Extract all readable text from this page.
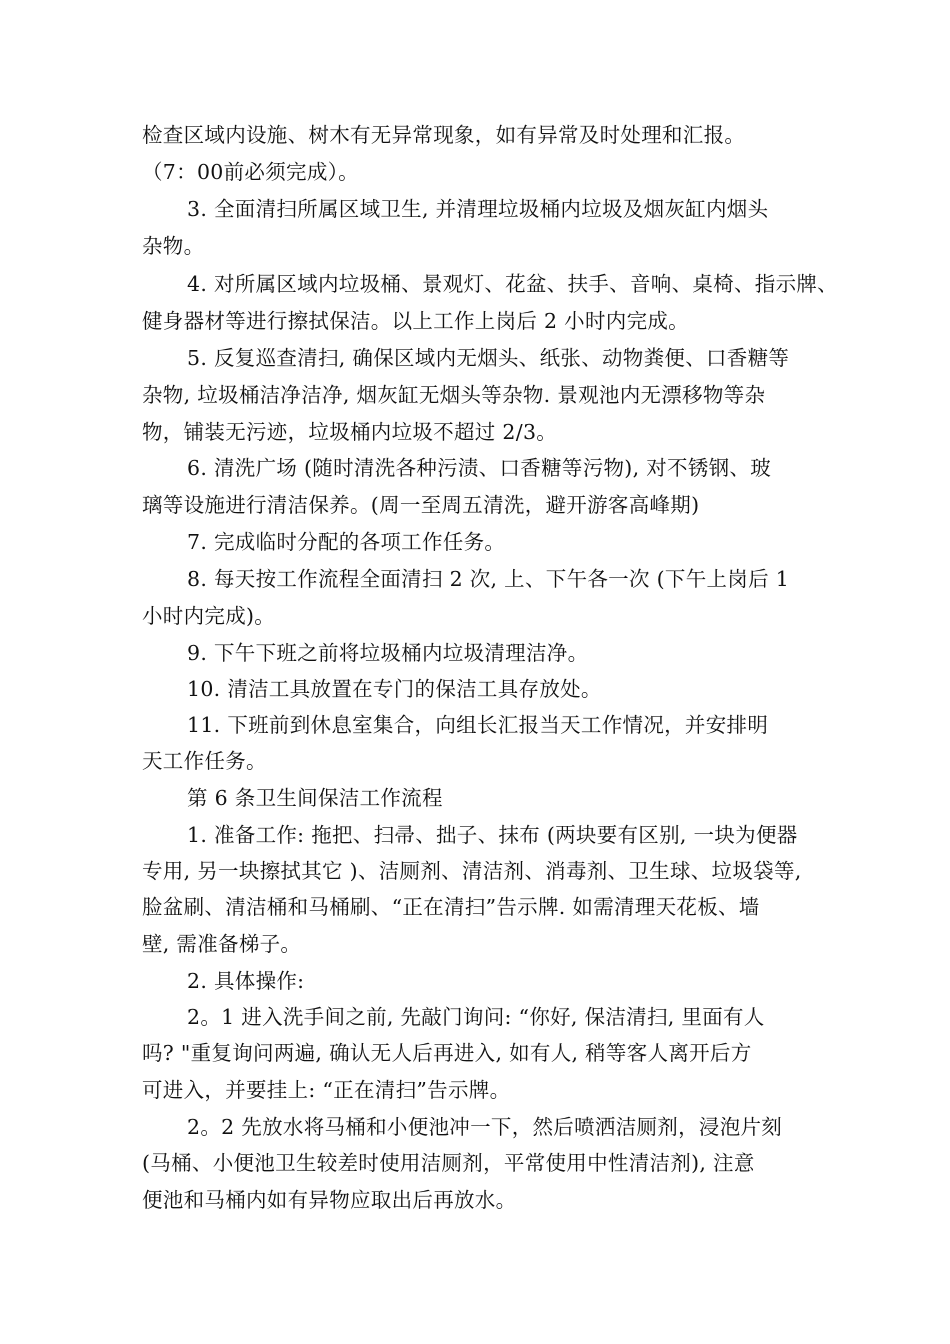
检查区域内设施、树木有无异常现象，如有异常及时处理和汇报。
（7：00前必须完成）。
3. 全面清扫所属区域卫生, 并清理垃圾桶内垃圾及烟灰缸内烟头
杂物。
4. 对所属区域内垃圾桶、景观灯、花盆、扶手、音响、桌椅、指示牌、
健身器材等进行擦拭保洁。以上工作上岗后 2 小时内完成。
5. 反复巡查清扫, 确保区域内无烟头、纸张、动物粪便、口香糖等
杂物, 垃圾桶洁净洁净, 烟灰缸无烟头等杂物. 景观池内无漂移物等杂
物，铺装无污迹，垃圾桶内垃圾不超过 2/3。
6. 清洗广场 (随时清洗各种污渍、口香糖等污物), 对不锈钢、玻
璃等设施进行清洁保养。(周一至周五清洗，避开游客高峰期)
7. 完成临时分配的各项工作任务。
8. 每天按工作流程全面清扫 2 次, 上、下午各一次 (下午上岗后 1
小时内完成)。
9. 下午下班之前将垃圾桶内垃圾清理洁净。
10. 清洁工具放置在专门的保洁工具存放处。
11. 下班前到休息室集合，向组长汇报当天工作情况，并安排明
天工作任务。
第 6 条卫生间保洁工作流程
1. 准备工作: 拖把、扫帚、拙子、抹布 (两块要有区别, 一块为便器
专用, 另一块擦拭其它 )、洁厕剂、清洁剂、消毒剂、卫生球、垃圾袋等,
脸盆刷、清洁桶和马桶刷、“正在清扫”告示牌. 如需清理天花板、墙
壁, 需准备梯子。
2. 具体操作:
2。1 进入洗手间之前, 先敲门询问: “你好, 保洁清扫, 里面有人
吗? "重复询问两遍, 确认无人后再进入, 如有人, 稍等客人离开后方
可进入，并要挂上: “正在清扫”告示牌。
2。2 先放水将马桶和小便池冲一下，然后喷洒洁厕剂，浸泡片刻
(马桶、小便池卫生较差时使用洁厕剂，平常使用中性清洁剂), 注意
便池和马桶内如有异物应取出后再放水。
